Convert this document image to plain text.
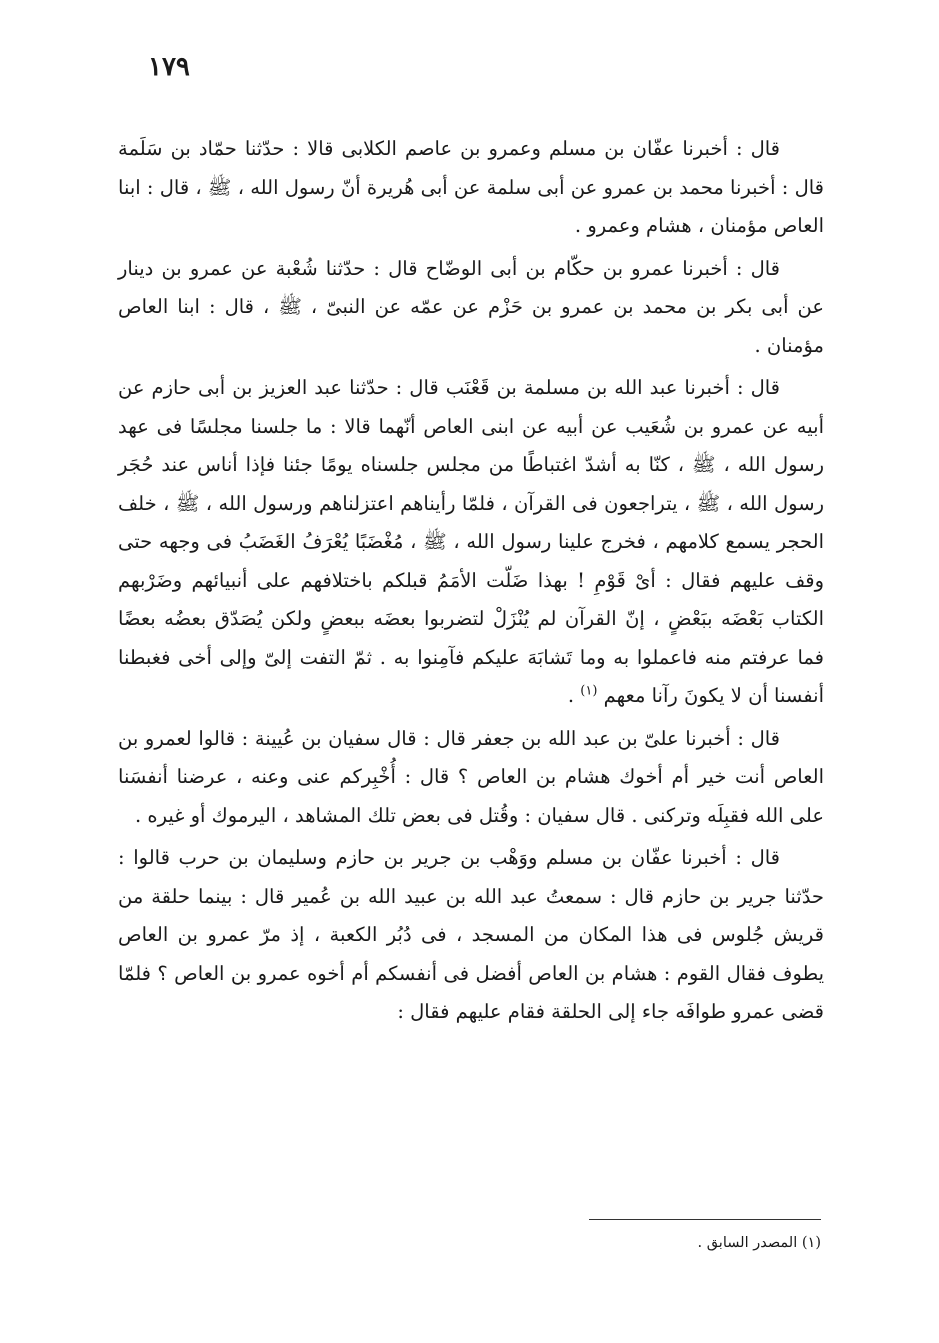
١٧٩

قال : أخبرنا عفّان بن مسلم وعمرو بن عاصم الكلابى قالا : حدّثنا حمّاد بن سَلَمة قال : أخبرنا محمد بن عمرو عن أبى سلمة عن أبى هُريرة أنّ رسول الله ، ﷺ ، قال : ابنا العاص مؤمنان ، هشام وعمرو .

قال : أخبرنا عمرو بن حكّام بن أبى الوضّاح قال : حدّثنا شُعْبة عن عمرو بن دينار عن أبى بكر بن محمد بن عمرو بن حَزْم عن عمّه عن النبىّ ، ﷺ ، قال : ابنا العاص مؤمنان .

قال : أخبرنا عبد الله بن مسلمة بن قَعْنَب قال : حدّثنا عبد العزيز بن أبى حازم عن أبيه عن عمرو بن شُعَيب عن أبيه عن ابنى العاص أنّهما قالا : ما جلسنا مجلسًا فى عهد رسول الله ، ﷺ ، كنّا به أشدّ اغتباطًا من مجلس جلسناه يومًا جئنا فإذا أناس عند حُجَر رسول الله ، ﷺ ، يتراجعون فى القرآن ، فلمّا رأيناهم اعتزلناهم ورسول الله ، ﷺ ، خلف الحجر يسمع كلامهم ، فخرج علينا رسول الله ، ﷺ ، مُغْضَبًا يُعْرَفُ الغَضَبُ فى وجهه حتى وقف عليهم فقال : أىْ قَوْمِ ! بهذا ضَلّت الأمَمُ قبلكم باختلافهم على أنبيائهم وضَرْبهم الكتاب بَعْضَه ببَعْضٍ ، إنّ القرآن لم يُنْزَلْ لتضربوا بعضَه ببعضٍ ولكن يُصَدّق بعضُه بعضًا فما عرفتم منه فاعملوا به وما تَشابَهَ عليكم فآمِنوا به . ثمّ التفت إلىّ وإلى أخى فغبطنا أنفسنا أن لا يكونَ رآنا معهم $^{(١)}$ .

قال : أخبرنا علىّ بن عبد الله بن جعفر قال : قال سفيان بن عُيينة : قالوا لعمرو بن العاص أنت خير أم أخوك هشام بن العاص ؟ قال : أُخْبِركم عنى وعنه ، عرضنا أنفسَنا على الله فقبِلَه وتركنى . قال سفيان : وقُتل فى بعض تلك المشاهد ، اليرموك أو غيره .

قال : أخبرنا عفّان بن مسلم ووَهْب بن جرير بن حازم وسليمان بن حرب قالوا : حدّثنا جرير بن حازم قال : سمعتُ عبد الله بن عبيد الله بن عُمير قال : بينما حلقة من قريش جُلوس فى هذا المكان من المسجد ، فى دُبُر الكعبة ، إذ مرّ عمرو بن العاص يطوف فقال القوم : هشام بن العاص أفضل فى أنفسكم أم أخوه عمرو بن العاص ؟ فلمّا قضى عمرو طوافَه جاء إلى الحلقة فقام عليهم فقال :

(١) المصدر السابق .
